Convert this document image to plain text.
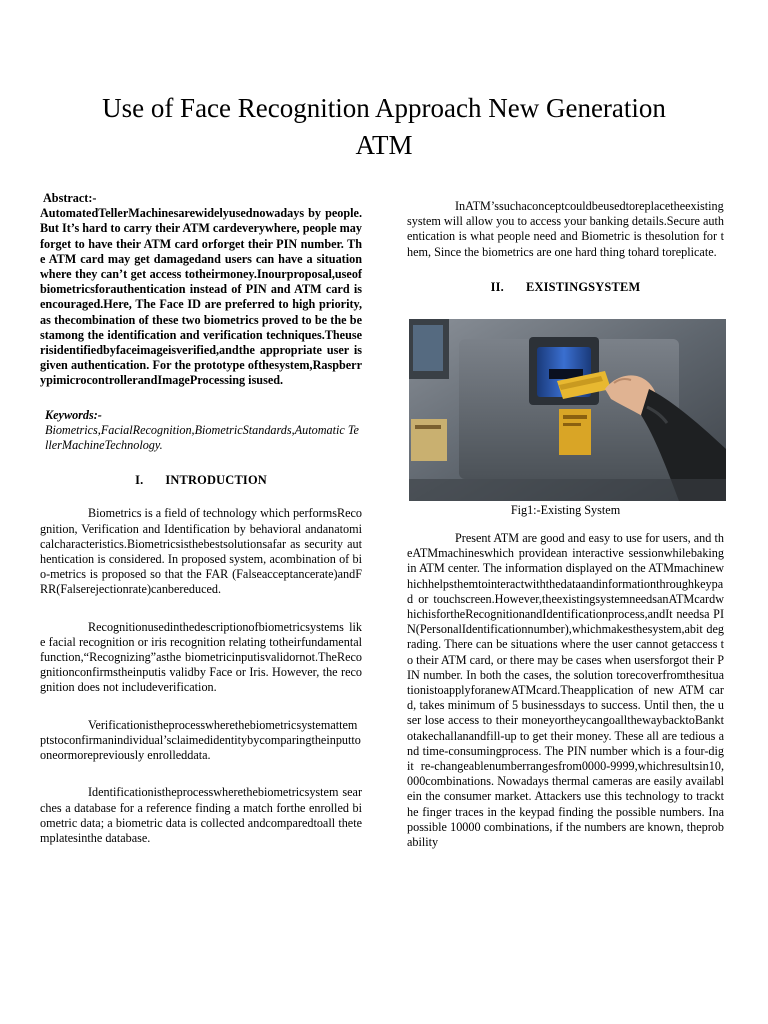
Use of Face Recognition Approach New Generation ATM

Abstract:-

AutomatedTellerMachinesarewidelyusednowadays by people. But It’s hard to carry their ATM cardeverywhere, people may forget to have their ATM card orforget their PIN number. The ATM card may get damagedand users can have a situation where they can’t get access totheirmoney.Inourproposal,useofbiometricsforauthentication instead of PIN and ATM card is encouraged.Here, The Face ID are preferred to high priority, as thecombination of these two biometrics proved to be the bestamong the identification and verification techniques.Theuserisidentifiedbyfaceimageisverified,andthe appropriate user is given authentication. For the prototype ofthesystem,RaspberrypimicrocontrollerandImageProcessing isused.

Keywords:-

Biometrics,FacialRecognition,BiometricStandards,Automatic TellerMachineTechnology.

I. INTRODUCTION

Biometrics is a field of technology which performsRecognition, Verification and Identification by behavioral andanatomicalcharacteristics.Biometricsisthebestsolutionsafar as security authentication is considered. In proposed system, acombination of bio-metrics is proposed so that the FAR (Falseacceptancerate)andFRR(Falserejectionrate)canbereduced.

Recognitionusedinthedescriptionofbiometricsystems like facial recognition or iris recognition relating totheirfundamentalfunction,“Recognizing”asthe biometricinputisvalidornot.TheRecognitionconfirmstheinputis validby Face or Iris. However, the recognition does not includeverification.

Verificationistheprocesswherethebiometricsystemattemptstoconfirmanindividual’sclaimedidentitybycomparingtheinputtooneormorepreviously enrolleddata.

Identificationistheprocesswherethebiometricsystem searches a database for a reference finding a match forthe enrolled biometric data; a biometric data is collected andcomparedtoall thetemplatesinthe database.

InATM’ssuchaconceptcouldbeusedtoreplacetheexisting system will allow you to access your banking details.Secure authentication is what people need and Biometric is thesolution for them, Since the biometrics are one hard thing tohard toreplicate.

II. EXISTINGSYSTEM

Fig1:-Existing System

Present ATM are good and easy to use for users, and theATMmachineswhich providean interactive sessionwhilebaking in ATM center. The information displayed on the ATMmachinewhichhelpsthemtointeractwiththedataandinformationthroughkeypad or touchscreen.However,theexistingsystemneedsanATMcardwhichisfortheRecognitionandIdentificationprocess,andIt needsa PIN(PersonalIdentificationnumber),whichmakesthesystem,abit degrading. There can be situations where the user cannot getaccess to their ATM card, or there may be cases when usersforgot their PIN number. In both the cases, the solution torecoverfromthesituationistoapplyforanewATMcard.Theapplication of new ATM card, takes minimum of 5 businessdays to success. Until then, the user lose access to their moneyortheycangoallthewaybacktoBanktotakechallanandfill-up to get their money. These all are tedious and time-consumingprocess. The PIN number which is a four-digit re-changeablenumberrangesfrom0000-9999,whichresultsin10,000combinations. Nowadays thermal cameras are easily availablein the consumer market. Attackers use this technology to trackthe finger traces in the keypad finding the possible numbers. Ina possible 10000 combinations, if the numbers are known, theprobability
